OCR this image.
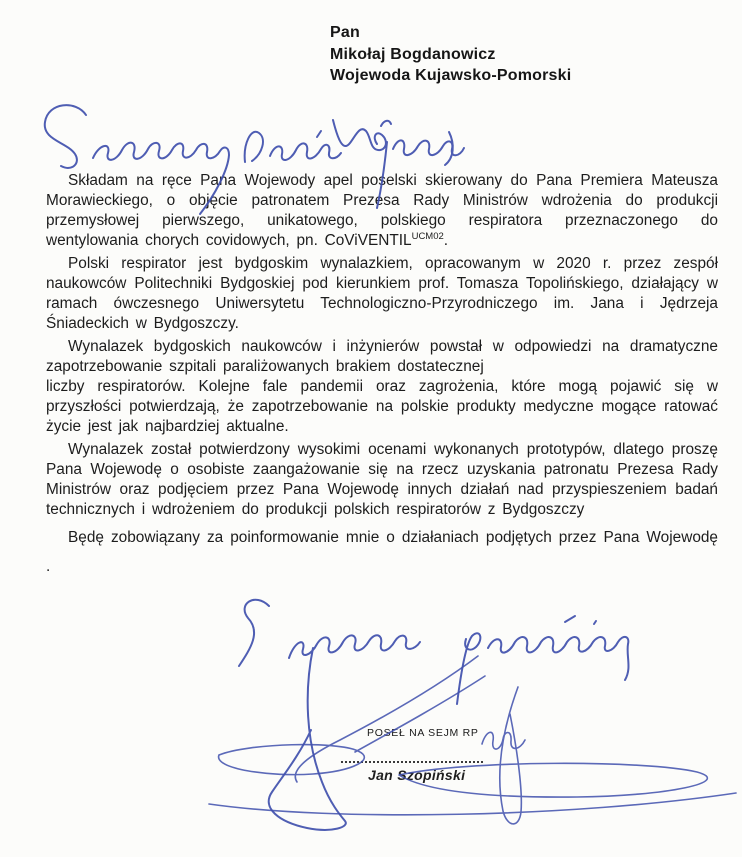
Pan
Mikołaj Bogdanowicz
Wojewoda Kujawsko-Pomorski

Składam na ręce Pana Wojewody apel poselski skierowany do Pana Premiera Mateusza Morawieckiego, o objęcie patronatem Prezesa Rady Ministrów wdrożenia do produkcji przemysłowej pierwszego, unikatowego, polskiego respiratora przeznaczonego do wentylowania chorych covidowych, pn. CoViVENTIL$^{UCM02}$.

Polski respirator jest bydgoskim wynalazkiem, opracowanym w 2020 r. przez zespół naukowców Politechniki Bydgoskiej pod kierunkiem prof. Tomasza Topolińskiego, działający w ramach ówczesnego Uniwersytetu Technologiczno-Przyrodniczego im. Jana i Jędrzeja Śniadeckich w Bydgoszczy.

Wynalazek bydgoskich naukowców i inżynierów powstał w odpowiedzi na dramatyczne zapotrzebowanie szpitali paraliżowanych brakiem dostatecznej

liczby respiratorów. Kolejne fale pandemii oraz zagrożenia, które mogą pojawić się w przyszłości potwierdzają, że zapotrzebowanie na polskie produkty medyczne mogące ratować życie jest jak najbardziej aktualne.

Wynalazek został potwierdzony wysokimi ocenami wykonanych prototypów, dlatego proszę Pana Wojewodę o osobiste zaangażowanie się na rzecz uzyskania patronatu Prezesa Rady Ministrów oraz podjęciem przez Pana Wojewodę innych działań nad przyspieszeniem badań technicznych i wdrożeniem do produkcji polskich respiratorów z Bydgoszczy

Będę zobowiązany za poinformowanie mnie o działaniach podjętych przez Pana Wojewodę .

POSEŁ NA SEJM RP
Jan Szopiński
